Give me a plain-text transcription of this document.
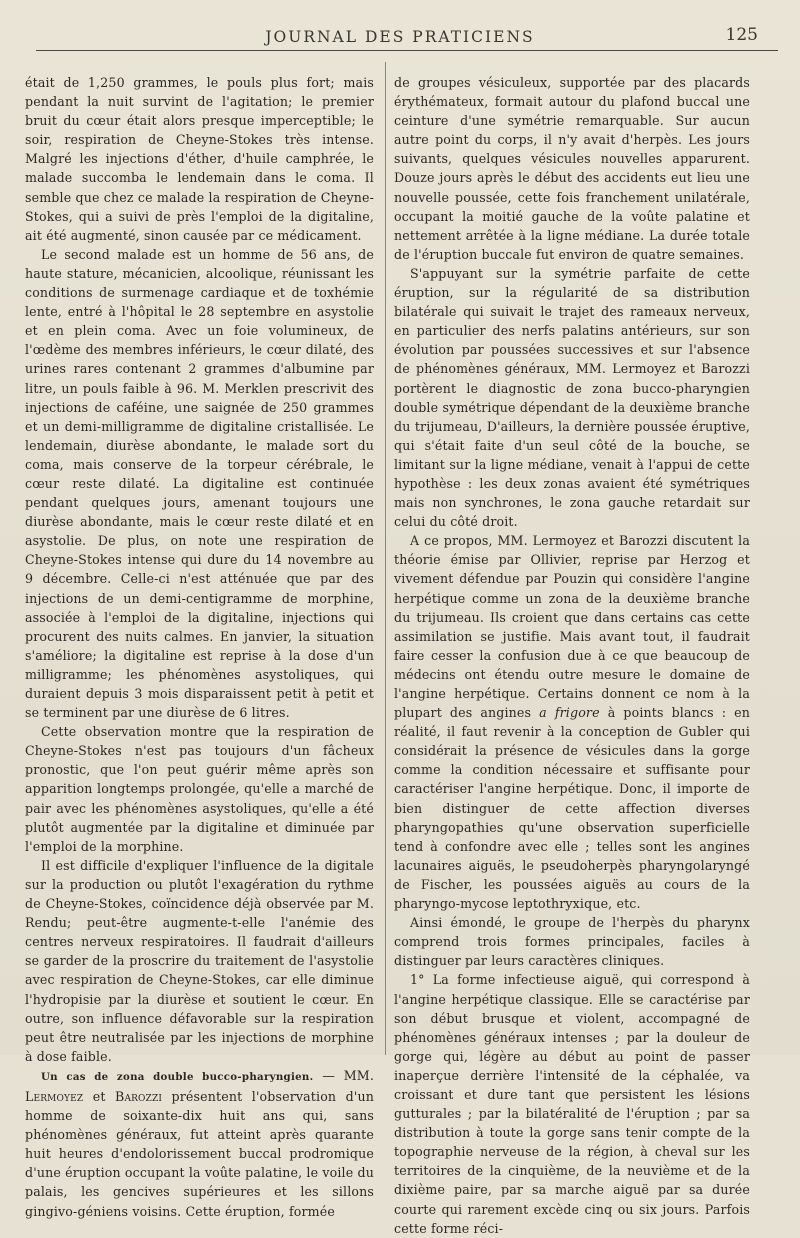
JOURNAL DES PRATICIENS	125

était de 1,250 grammes, le pouls plus fort; mais pendant la nuit survint de l'agitation; le premier bruit du cœur était alors presque imperceptible; le soir, respiration de Cheyne-Stokes très intense. Malgré les injections d'éther, d'huile camphrée, le malade succomba le lendemain dans le coma. Il semble que chez ce malade la respiration de Cheyne-Stokes, qui a suivi de près l'emploi de la digitaline, ait été augmenté, sinon causée par ce médicament.

Le second malade est un homme de 56 ans, de haute stature, mécanicien, alcoolique, réunissant les conditions de surmenage cardiaque et de toxhémie lente, entré à l'hôpital le 28 septembre en asystolie et en plein coma. Avec un foie volumineux, de l'œdème des membres inférieurs, le cœur dilaté, des urines rares contenant 2 grammes d'albumine par litre, un pouls faible à 96. M. Merklen prescrivit des injections de caféine, une saignée de 250 grammes et un demi-milligramme de digitaline cristallisée. Le lendemain, diurèse abondante, le malade sort du coma, mais conserve de la torpeur cérébrale, le cœur reste dilaté. La digitaline est continuée pendant quelques jours, amenant toujours une diurèse abondante, mais le cœur reste dilaté et en asystolie. De plus, on note une respiration de Cheyne-Stokes intense qui dure du 14 novembre au 9 décembre. Celle-ci n'est atténuée que par des injections de un demi-centigramme de morphine, associée à l'emploi de la digitaline, injections qui procurent des nuits calmes. En janvier, la situation s'améliore; la digitaline est reprise à la dose d'un milligramme; les phénomènes asystoliques, qui duraient depuis 3 mois disparaissent petit à petit et se terminent par une diurèse de 6 litres.

Cette observation montre que la respiration de Cheyne-Stokes n'est pas toujours d'un fâcheux pronostic, que l'on peut guérir même après son apparition longtemps prolongée, qu'elle a marché de pair avec les phénomènes asystoliques, qu'elle a été plutôt augmentée par la digitaline et diminuée par l'emploi de la morphine.

Il est difficile d'expliquer l'influence de la digitale sur la production ou plutôt l'exagération du rythme de Cheyne-Stokes, coïncidence déjà observée par M. Rendu; peut-être augmente-t-elle l'anémie des centres nerveux respiratoires. Il faudrait d'ailleurs se garder de la proscrire du traitement de l'asystolie avec respiration de Cheyne-Stokes, car elle diminue l'hydropisie par la diurèse et soutient le cœur. En outre, son influence défavorable sur la respiration peut être neutralisée par les injections de morphine à dose faible.

Un cas de zona double bucco-pharyngien. — MM. Lermoyez et Barozzi présentent l'observation d'un homme de soixante-dix huit ans qui, sans phénomènes généraux, fut atteint après quarante huit heures d'endolorissement buccal prodromique d'une éruption occupant la voûte palatine, le voile du palais, les gencives supérieures et les sillons gingivo-géniens voisins. Cette éruption, formée

de groupes vésiculeux, supportée par des placards érythémateux, formait autour du plafond buccal une ceinture d'une symétrie remarquable. Sur aucun autre point du corps, il n'y avait d'herpès. Les jours suivants, quelques vésicules nouvelles apparurent. Douze jours après le début des accidents eut lieu une nouvelle poussée, cette fois franchement unilatérale, occupant la moitié gauche de la voûte palatine et nettement arrêtée à la ligne médiane. La durée totale de l'éruption buccale fut environ de quatre semaines.

S'appuyant sur la symétrie parfaite de cette éruption, sur la régularité de sa distribution bilatérale qui suivait le trajet des rameaux nerveux, en particulier des nerfs palatins antérieurs, sur son évolution par poussées successives et sur l'absence de phénomènes généraux, MM. Lermoyez et Barozzi portèrent le diagnostic de zona bucco-pharyngien double symétrique dépendant de la deuxième branche du trijumeau, D'ailleurs, la dernière poussée éruptive, qui s'était faite d'un seul côté de la bouche, se limitant sur la ligne médiane, venait à l'appui de cette hypothèse : les deux zonas avaient été symétriques mais non synchrones, le zona gauche retardait sur celui du côté droit.

A ce propos, MM. Lermoyez et Barozzi discutent la théorie émise par Ollivier, reprise par Herzog et vivement défendue par Pouzin qui considère l'angine herpétique comme un zona de la deuxième branche du trijumeau. Ils croient que dans certains cas cette assimilation se justifie. Mais avant tout, il faudrait faire cesser la confusion due à ce que beaucoup de médecins ont étendu outre mesure le domaine de l'angine herpétique. Certains donnent ce nom à la plupart des angines a frigore à points blancs : en réalité, il faut revenir à la conception de Gubler qui considérait la présence de vésicules dans la gorge comme la condition nécessaire et suffisante pour caractériser l'angine herpétique. Donc, il importe de bien distinguer de cette affection diverses pharyngopathies qu'une observation superficielle tend à confondre avec elle ; telles sont les angines lacunaires aiguës, le pseudoherpès pharyngolaryngé de Fischer, les poussées aiguës au cours de la pharyngo-mycose leptothryxique, etc.

Ainsi émondé, le groupe de l'herpès du pharynx comprend trois formes principales, faciles à distinguer par leurs caractères cliniques.

1° La forme infectieuse aiguë, qui correspond à l'angine herpétique classique. Elle se caractérise par son début brusque et violent, accompagné de phénomènes généraux intenses ; par la douleur de gorge qui, légère au début au point de passer inaperçue derrière l'intensité de la céphalée, va croissant et dure tant que persistent les lésions gutturales ; par la bilatéralité de l'éruption ; par sa distribution à toute la gorge sans tenir compte de la topographie nerveuse de la région, à cheval sur les territoires de la cinquième, de la neuvième et de la dixième paire, par sa marche aiguë par sa durée courte qui rarement excède cinq ou six jours. Parfois cette forme réci-
